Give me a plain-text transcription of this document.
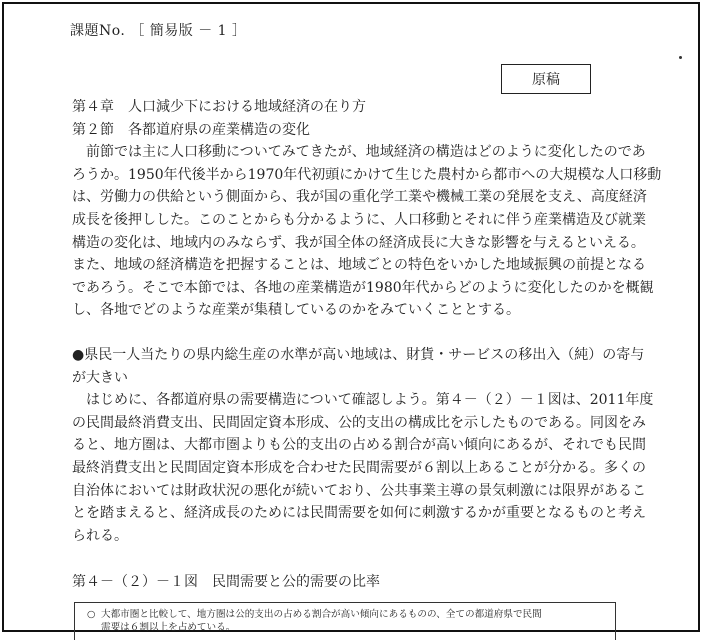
課題No. ［ 簡易版 － 1 ］
原稿
第４章　人口減少下における地域経済の在り方
第２節　各都道府県の産業構造の変化
　前節では主に人口移動についてみてきたが、地域経済の構造はどのように変化したのであ
ろうか。1950年代後半から1970年代初頭にかけて生じた農村から都市への大規模な人口移動
は、労働力の供給という側面から、我が国の重化学工業や機械工業の発展を支え、高度経済
成長を後押しした。このことからも分かるように、人口移動とそれに伴う産業構造及び就業
構造の変化は、地域内のみならず、我が国全体の経済成長に大きな影響を与えるといえる。
また、地域の経済構造を把握することは、地域ごとの特色をいかした地域振興の前提となる
であろう。そこで本節では、各地の産業構造が1980年代からどのように変化したのかを概観
し、各地でどのような産業が集積しているのかをみていくこととする。
●県民一人当たりの県内総生産の水準が高い地域は、財貨・サービスの移出入（純）の寄与
が大きい
　はじめに、各都道府県の需要構造について確認しよう。第４－（２）－１図は、2011年度
の民間最終消費支出、民間固定資本形成、公的支出の構成比を示したものである。同図をみ
ると、地方圏は、大都市圏よりも公的支出の占める割合が高い傾向にあるが、それでも民間
最終消費支出と民間固定資本形成を合わせた民間需要が６割以上あることが分かる。多くの
自治体においては財政状況の悪化が続いており、公共事業主導の景気刺激には限界があるこ
とを踏まえると、経済成長のためには民間需要を如何に刺激するかが重要となるものと考え
られる。
第４－（２）－１図　民間需要と公的需要の比率
○ 大都市圏と比較して、地方圏は公的支出の占める割合が高い傾向にあるものの、全ての都道府県で民間
需要は６割以上を占めている。
